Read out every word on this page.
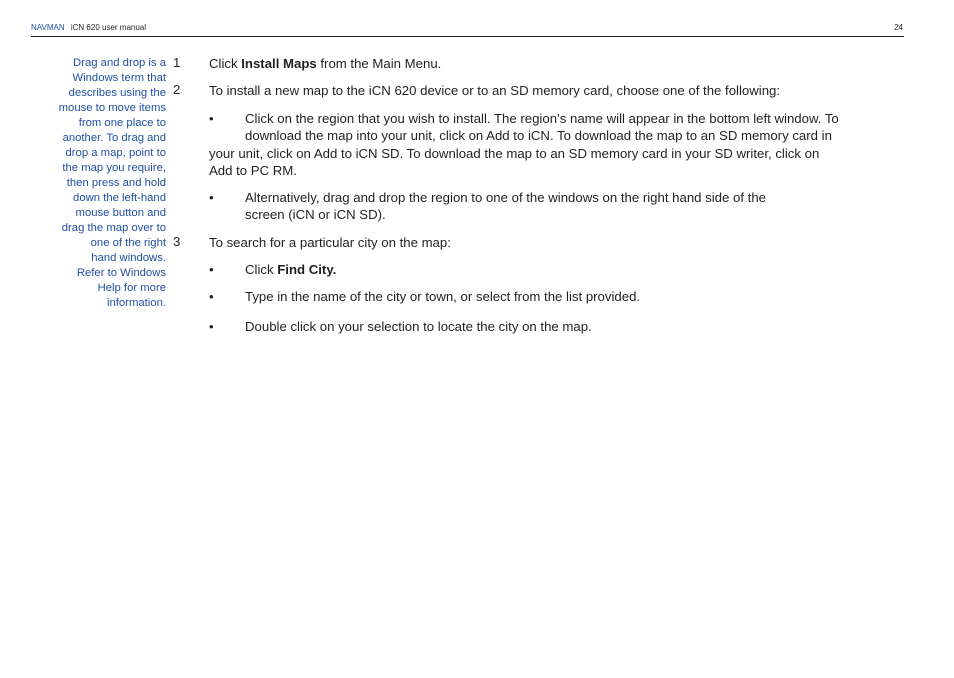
NAVMAN iCN 620 user manual	24
Drag and drop is a
Windows term that
describes using the
mouse to move items
from one place to
another. To drag and
drop a map, point to
the map you require,
then press and hold
down the left-hand
mouse button and
drag the map over to
one of the right
hand windows.
Refer to Windows
Help for more
information.
1	Click Install Maps from the Main Menu.
2	To install a new map to the iCN 620 device or to an SD memory card, choose one of the following:
•	Click on the region that you wish to install. The region’s name will appear in the bottom left window. To
download the map into your unit, click on Add to iCN. To download the map to an SD memory card in
your unit, click on Add to iCN SD. To download the map to an SD memory card in your SD writer, click on
Add to PC RM.
•	Alternatively, drag and drop the region to one of the windows on the right hand side of the
screen (iCN or iCN SD).
3	To search for a particular city on the map:
•	Click Find City.
•	Type in the name of the city or town, or select from the list provided.
•	Double click on your selection to locate the city on the map.
